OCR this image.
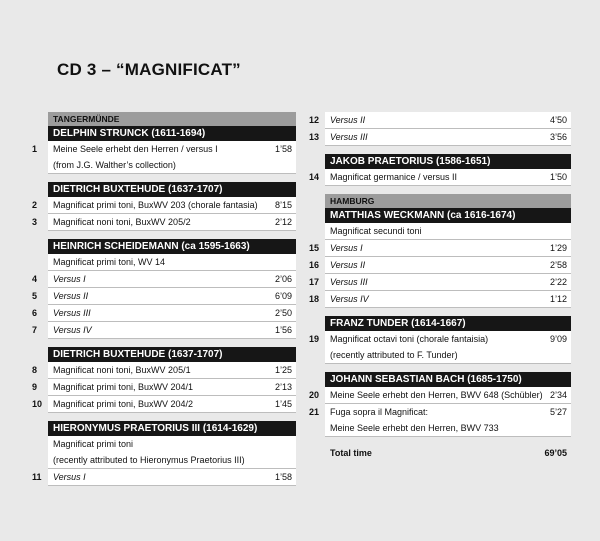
CD 3 – “MAGNIFICAT”
TANGERMÜNDE
DELPHIN STRUNCK (1611-1694)
1	Meine Seele erhebt den Herren / versus I	1’58
(from J.G. Walther’s collection)
DIETRICH BUXTEHUDE (1637-1707)
2	Magnificat primi toni, BuxWV 203 (chorale fantasia) 8’15
3	Magnificat noni toni, BuxWV 205/2	2’12
HEINRICH SCHEIDEMANN (ca 1595-1663)
Magnificat primi toni, WV 14
4	Versus I	2’06
5	Versus II	6’09
6	Versus III	2’50
7	Versus IV	1’56
DIETRICH BUXTEHUDE (1637-1707)
8	Magnificat noni toni, BuxWV 205/1	1’25
9	Magnificat primi toni, BuxWV 204/1	2’13
10 Magnificat primi toni, BuxWV 204/2	1’45
HIERONYMUS PRAETORIUS III (1614-1629)
Magnificat primi toni
(recently attributed to Hieronymus Praetorius III)
11 Versus I	1’58
12 Versus II	4’50
13 Versus III	3’56
JAKOB PRAETORIUS (1586-1651)
14 Magnificat germanice / versus II	1’50
HAMBURG
MATTHIAS WECKMANN (ca 1616-1674)
Magnificat secundi toni
15 Versus I	1’29
16 Versus II	2’58
17 Versus III	2’22
18 Versus IV	1’12
FRANZ TUNDER (1614-1667)
19 Magnificat octavi toni (chorale fantaisia)	9’09
(recently attributed to F. Tunder)
JOHANN SEBASTIAN BACH (1685-1750)
20 Meine Seele erhebt den Herren, BWV 648 (Schübler) 2’34
21 Fuga sopra il Magnificat:	5’27
Meine Seele erhebt den Herren, BWV 733
Total time	69’05
